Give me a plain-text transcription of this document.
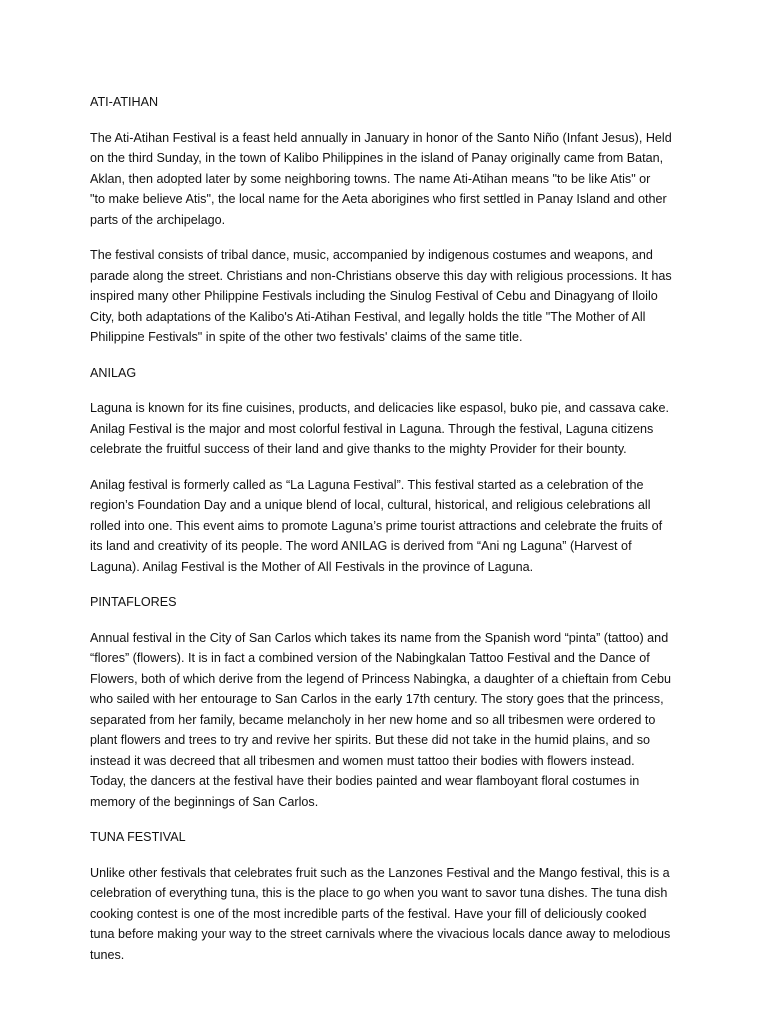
ATI-ATIHAN
The Ati-Atihan Festival is a feast held annually in January in honor of the Santo Niño (Infant Jesus), Held
on the third Sunday, in the town of Kalibo Philippines in the island of Panay originally came from Batan,
Aklan, then adopted later by some neighboring towns. The name Ati-Atihan means "to be like Atis" or
"to make believe Atis", the local name for the Aeta aborigines who first settled in Panay Island and other
parts of the archipelago.
The festival consists of tribal dance, music, accompanied by indigenous costumes and weapons, and
parade along the street. Christians and non-Christians observe this day with religious processions. It has
inspired many other Philippine Festivals including the Sinulog Festival of Cebu and Dinagyang of Iloilo
City, both adaptations of the Kalibo's Ati-Atihan Festival, and legally holds the title "The Mother of All
Philippine Festivals" in spite of the other two festivals' claims of the same title.
ANILAG
Laguna is known for its fine cuisines, products, and delicacies like espasol, buko pie, and cassava cake.
Anilag Festival is the major and most colorful festival in Laguna. Through the festival, Laguna citizens
celebrate the fruitful success of their land and give thanks to the mighty Provider for their bounty.
Anilag festival is formerly called as “La Laguna Festival”. This festival started as a celebration of the
region’s Foundation Day and a unique blend of local, cultural, historical, and religious celebrations all
rolled into one. This event aims to promote Laguna’s prime tourist attractions and celebrate the fruits of
its land and creativity of its people. The word ANILAG is derived from “Ani ng Laguna” (Harvest of
Laguna). Anilag Festival is the Mother of All Festivals in the province of Laguna.
PINTAFLORES
Annual festival in the City of San Carlos which takes its name from the Spanish word “pinta” (tattoo) and
“flores” (flowers). It is in fact a combined version of the Nabingkalan Tattoo Festival and the Dance of
Flowers, both of which derive from the legend of Princess Nabingka, a daughter of a chieftain from Cebu
who sailed with her entourage to San Carlos in the early 17th century. The story goes that the princess,
separated from her family, became melancholy in her new home and so all tribesmen were ordered to
plant flowers and trees to try and revive her spirits. But these did not take in the humid plains, and so
instead it was decreed that all tribesmen and women must tattoo their bodies with flowers instead.
Today, the dancers at the festival have their bodies painted and wear flamboyant floral costumes in
memory of the beginnings of San Carlos.
TUNA FESTIVAL
Unlike other festivals that celebrates fruit such as the Lanzones Festival and the Mango festival, this is a
celebration of everything tuna, this is the place to go when you want to savor tuna dishes. The tuna dish
cooking contest is one of the most incredible parts of the festival. Have your fill of deliciously cooked
tuna before making your way to the street carnivals where the vivacious locals dance away to melodious
tunes.
